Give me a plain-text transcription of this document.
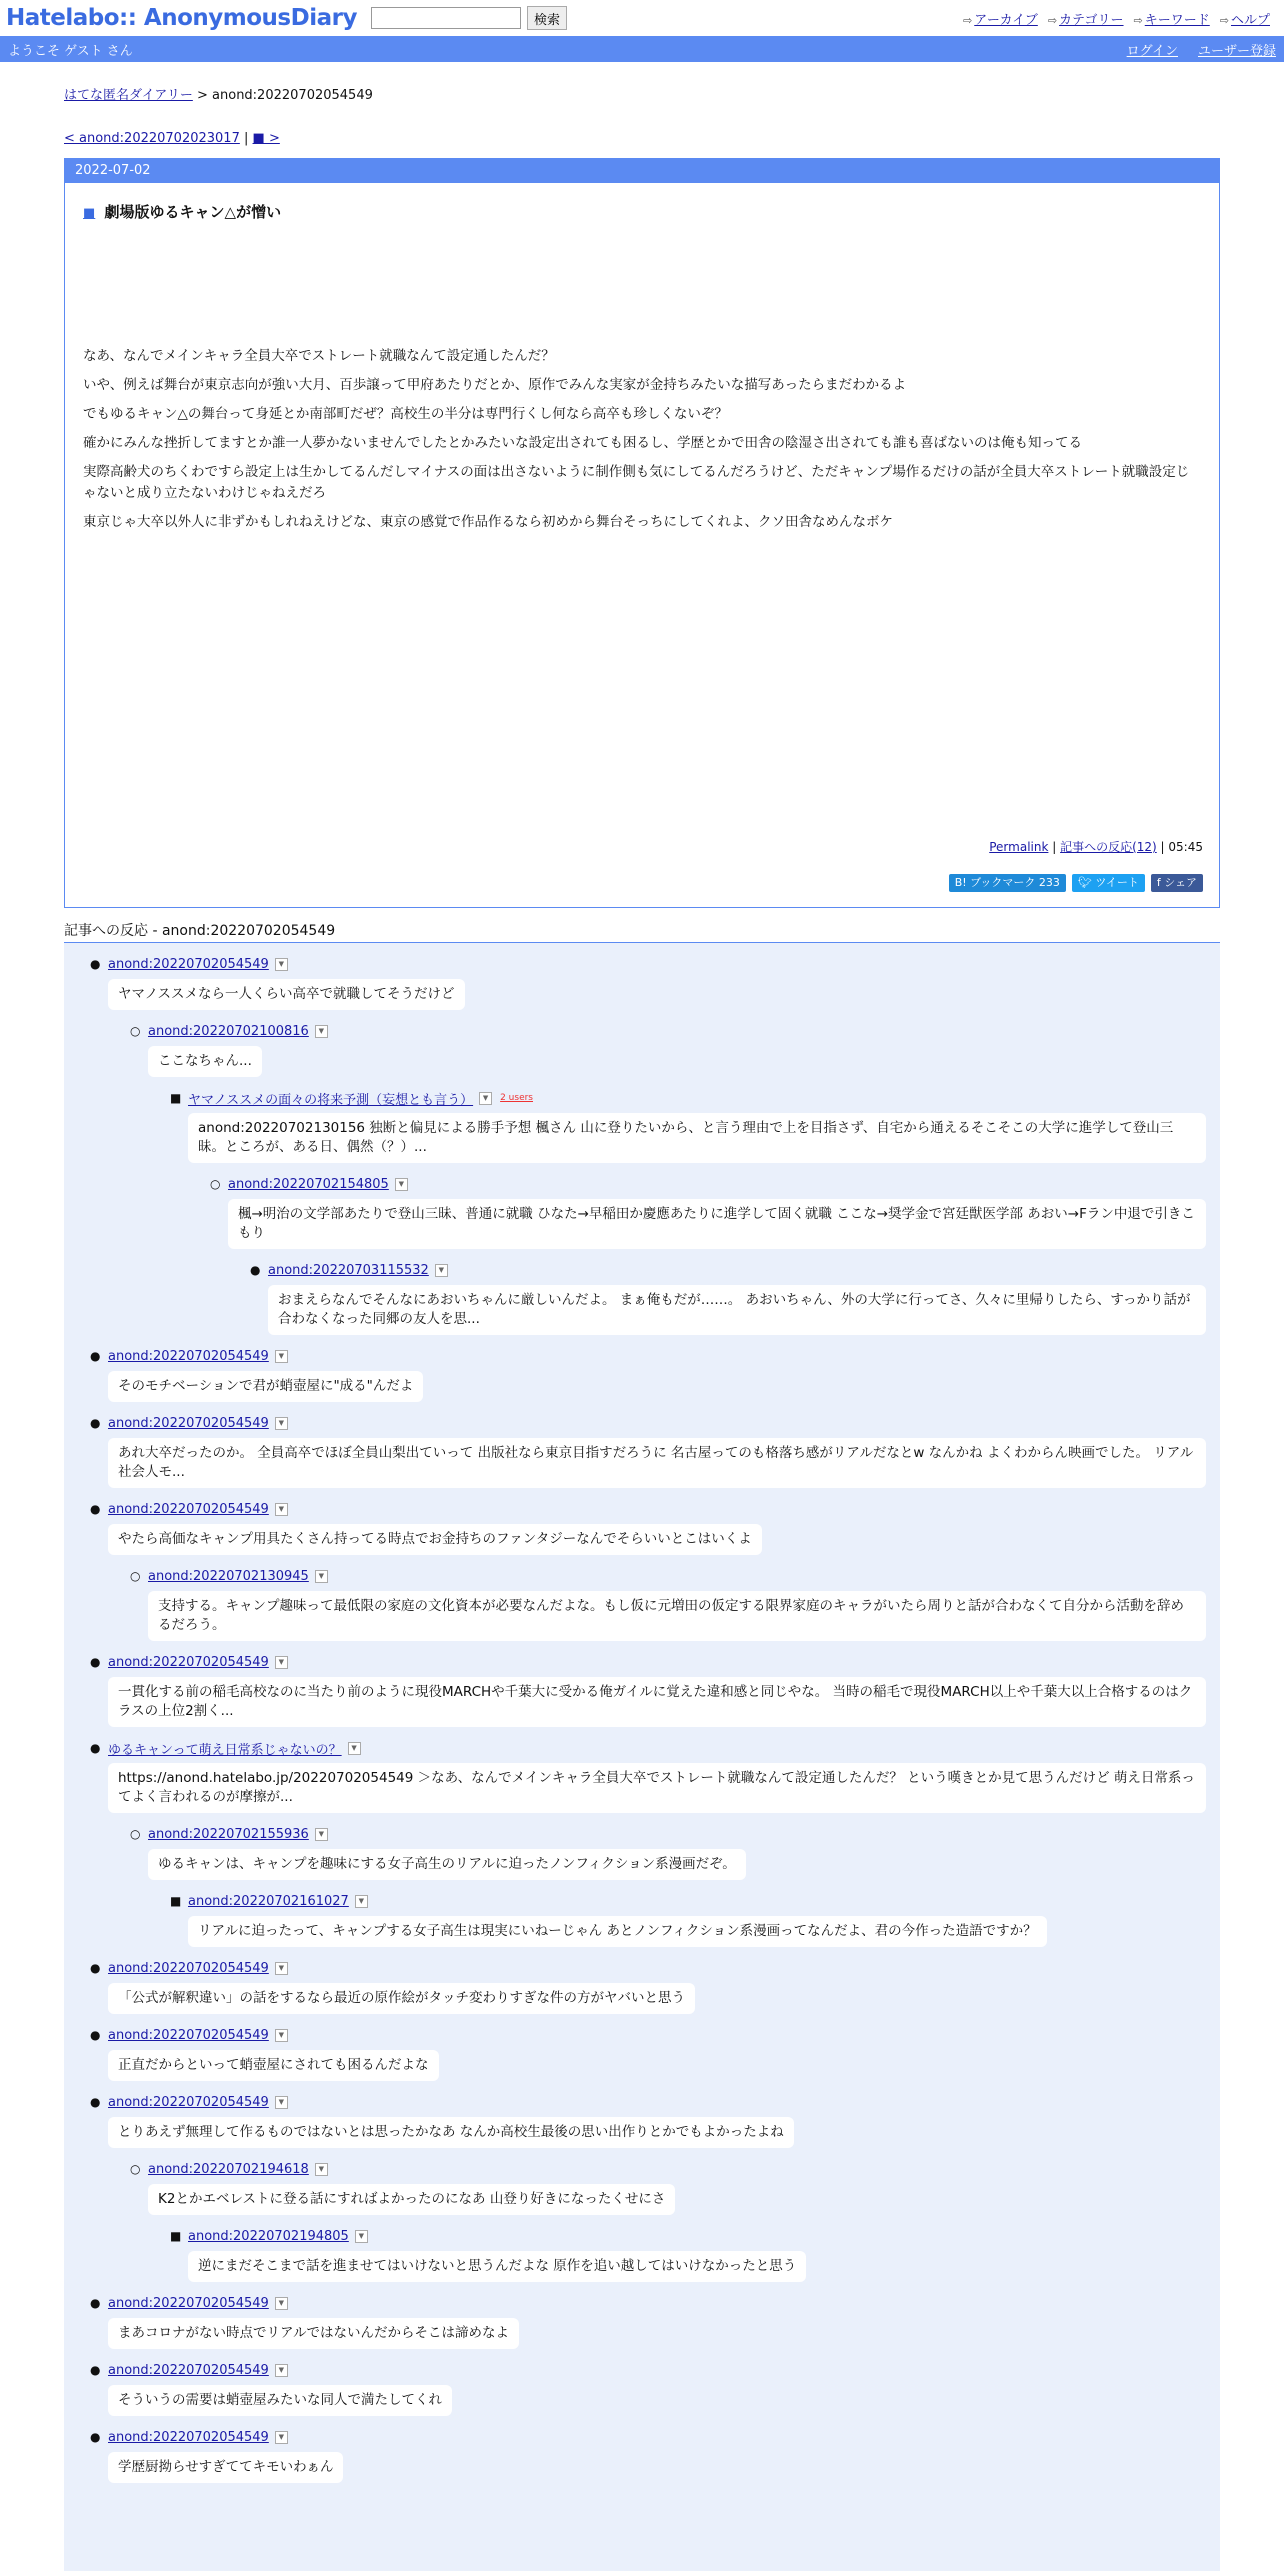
Hatelabo:: AnonymousDiary	検索	⇨ アーカイブ ⇨ カテゴリー ⇨ キーワード ⇨ ヘルプ
ようこそ ゲスト さん	ログイン ユーザー登録
はてな匿名ダイアリー > anond:20220702054549
< anond:20220702023017 | ■ >
2022-07-02
■ 劇場版ゆるキャン△が憎い

なあ、なんでメインキャラ全員大卒でストレート就職なんて設定通したんだ？

いや、例えば舞台が東京志向が強い大月、百歩譲って甲府あたりだとか、原作でみんな実家が金持ちみたいな描写あったらまだわかるよ

でもゆるキャン△の舞台って身延とか南部町だぜ？高校生の半分は専門行くし何なら高卒も珍しくないぞ？

確かにみんな挫折してますとか誰一人夢かないませんでしたとかみたいな設定出されても困るし、学歴とかで田舎の陰湿さ出されても誰も喜ばないのは俺も知ってる

実際高齢犬のちくわですら設定上は生かしてるんだしマイナスの面は出さないように制作側も気にしてるんだろうけど、ただキャンプ場作るだけの話が全員大卒ストレート就職設定じゃないと成り立たないわけじゃねえだろ

東京じゃ大卒以外人に非ずかもしれねえけどな、東京の感覚で作品作るなら初めから舞台そっちにしてくれよ、クソ田舎なめんなボケ

Permalink | 記事への反応(12) | 05:45
B! ブックマーク 233	🐦︎ ツイート	f シェア
記事への反応 - anond:20220702054549
● anond:20220702054549	▼
ヤマノススメなら一人くらい高卒で就職してそうだけど
○ anond:20220702100816	▼
ここなちゃん...
■ ヤマノススメの面々の将来予測（妄想とも言う）	▼	2 users
anond:20220702130156 独断と偏見による勝手予想 楓さん 山に登りたいから、と言う理由で上を目指さず、自宅から通えるそこそこの大学に進学して登山三昧。ところが、ある日、偶然（？）...
○ anond:20220702154805	▼
楓→明治の文学部あたりで登山三昧、普通に就職 ひなた→早稲田か慶應あたりに進学して固く就職 ここな→奨学金で宮廷獣医学部 あおい→Fラン中退で引きこもり
● anond:20220703115532	▼
おまえらなんでそんなにあおいちゃんに厳しいんだよ。 まぁ俺もだが……。 あおいちゃん、外の大学に行ってさ、久々に里帰りしたら、すっかり話が合わなくなった同郷の友人を思...
● anond:20220702054549	▼
そのモチベーションで君が蛸壺屋に"成る"んだよ
● anond:20220702054549	▼
あれ大卒だったのか。 全員高卒でほぼ全員山梨出ていって 出版社なら東京目指すだろうに 名古屋ってのも格落ち感がリアルだなとw なんかね よくわからん映画でした。 リアル社会人モ...
● anond:20220702054549	▼
やたら高価なキャンプ用具たくさん持ってる時点でお金持ちのファンタジーなんでそらいいとこはいくよ
○ anond:20220702130945	▼
支持する。キャンプ趣味って最低限の家庭の文化資本が必要なんだよな。もし仮に元増田の仮定する限界家庭のキャラがいたら周りと話が合わなくて自分から活動を辞めるだろう。
● anond:20220702054549	▼
一貫化する前の稲毛高校なのに当たり前のように現役MARCHや千葉大に受かる俺ガイルに覚えた違和感と同じやな。 当時の稲毛で現役MARCH以上や千葉大以上合格するのはクラスの上位2割く...
● ゆるキャンって萌え日常系じゃないの？	▼
https://anond.hatelabo.jp/20220702054549 ＞なあ、なんでメインキャラ全員大卒でストレート就職なんて設定通したんだ？ という嘆きとか見て思うんだけど 萌え日常系ってよく言われるのが摩擦が...
○ anond:20220702155936	▼
ゆるキャンは、キャンプを趣味にする女子高生のリアルに迫ったノンフィクション系漫画だぞ。
■ anond:20220702161027	▼
リアルに迫ったって、キャンプする女子高生は現実にいねーじゃん あとノンフィクション系漫画ってなんだよ、君の今作った造語ですか？
● anond:20220702054549	▼
「公式が解釈違い」の話をするなら最近の原作絵がタッチ変わりすぎな件の方がヤバいと思う
● anond:20220702054549	▼
正直だからといって蛸壺屋にされても困るんだよな
● anond:20220702054549	▼
とりあえず無理して作るものではないとは思ったかなあ なんか高校生最後の思い出作りとかでもよかったよね
○ anond:20220702194618	▼
K2とかエベレストに登る話にすればよかったのになあ 山登り好きになったくせにさ
■ anond:20220702194805	▼
逆にまだそこまで話を進ませてはいけないと思うんだよな 原作を追い越してはいけなかったと思う
● anond:20220702054549	▼
まあコロナがない時点でリアルではないんだからそこは諦めなよ
● anond:20220702054549	▼
そういうの需要は蛸壺屋みたいな同人で満たしてくれ
● anond:20220702054549	▼
学歴厨拗らせすぎててキモいわぁん
